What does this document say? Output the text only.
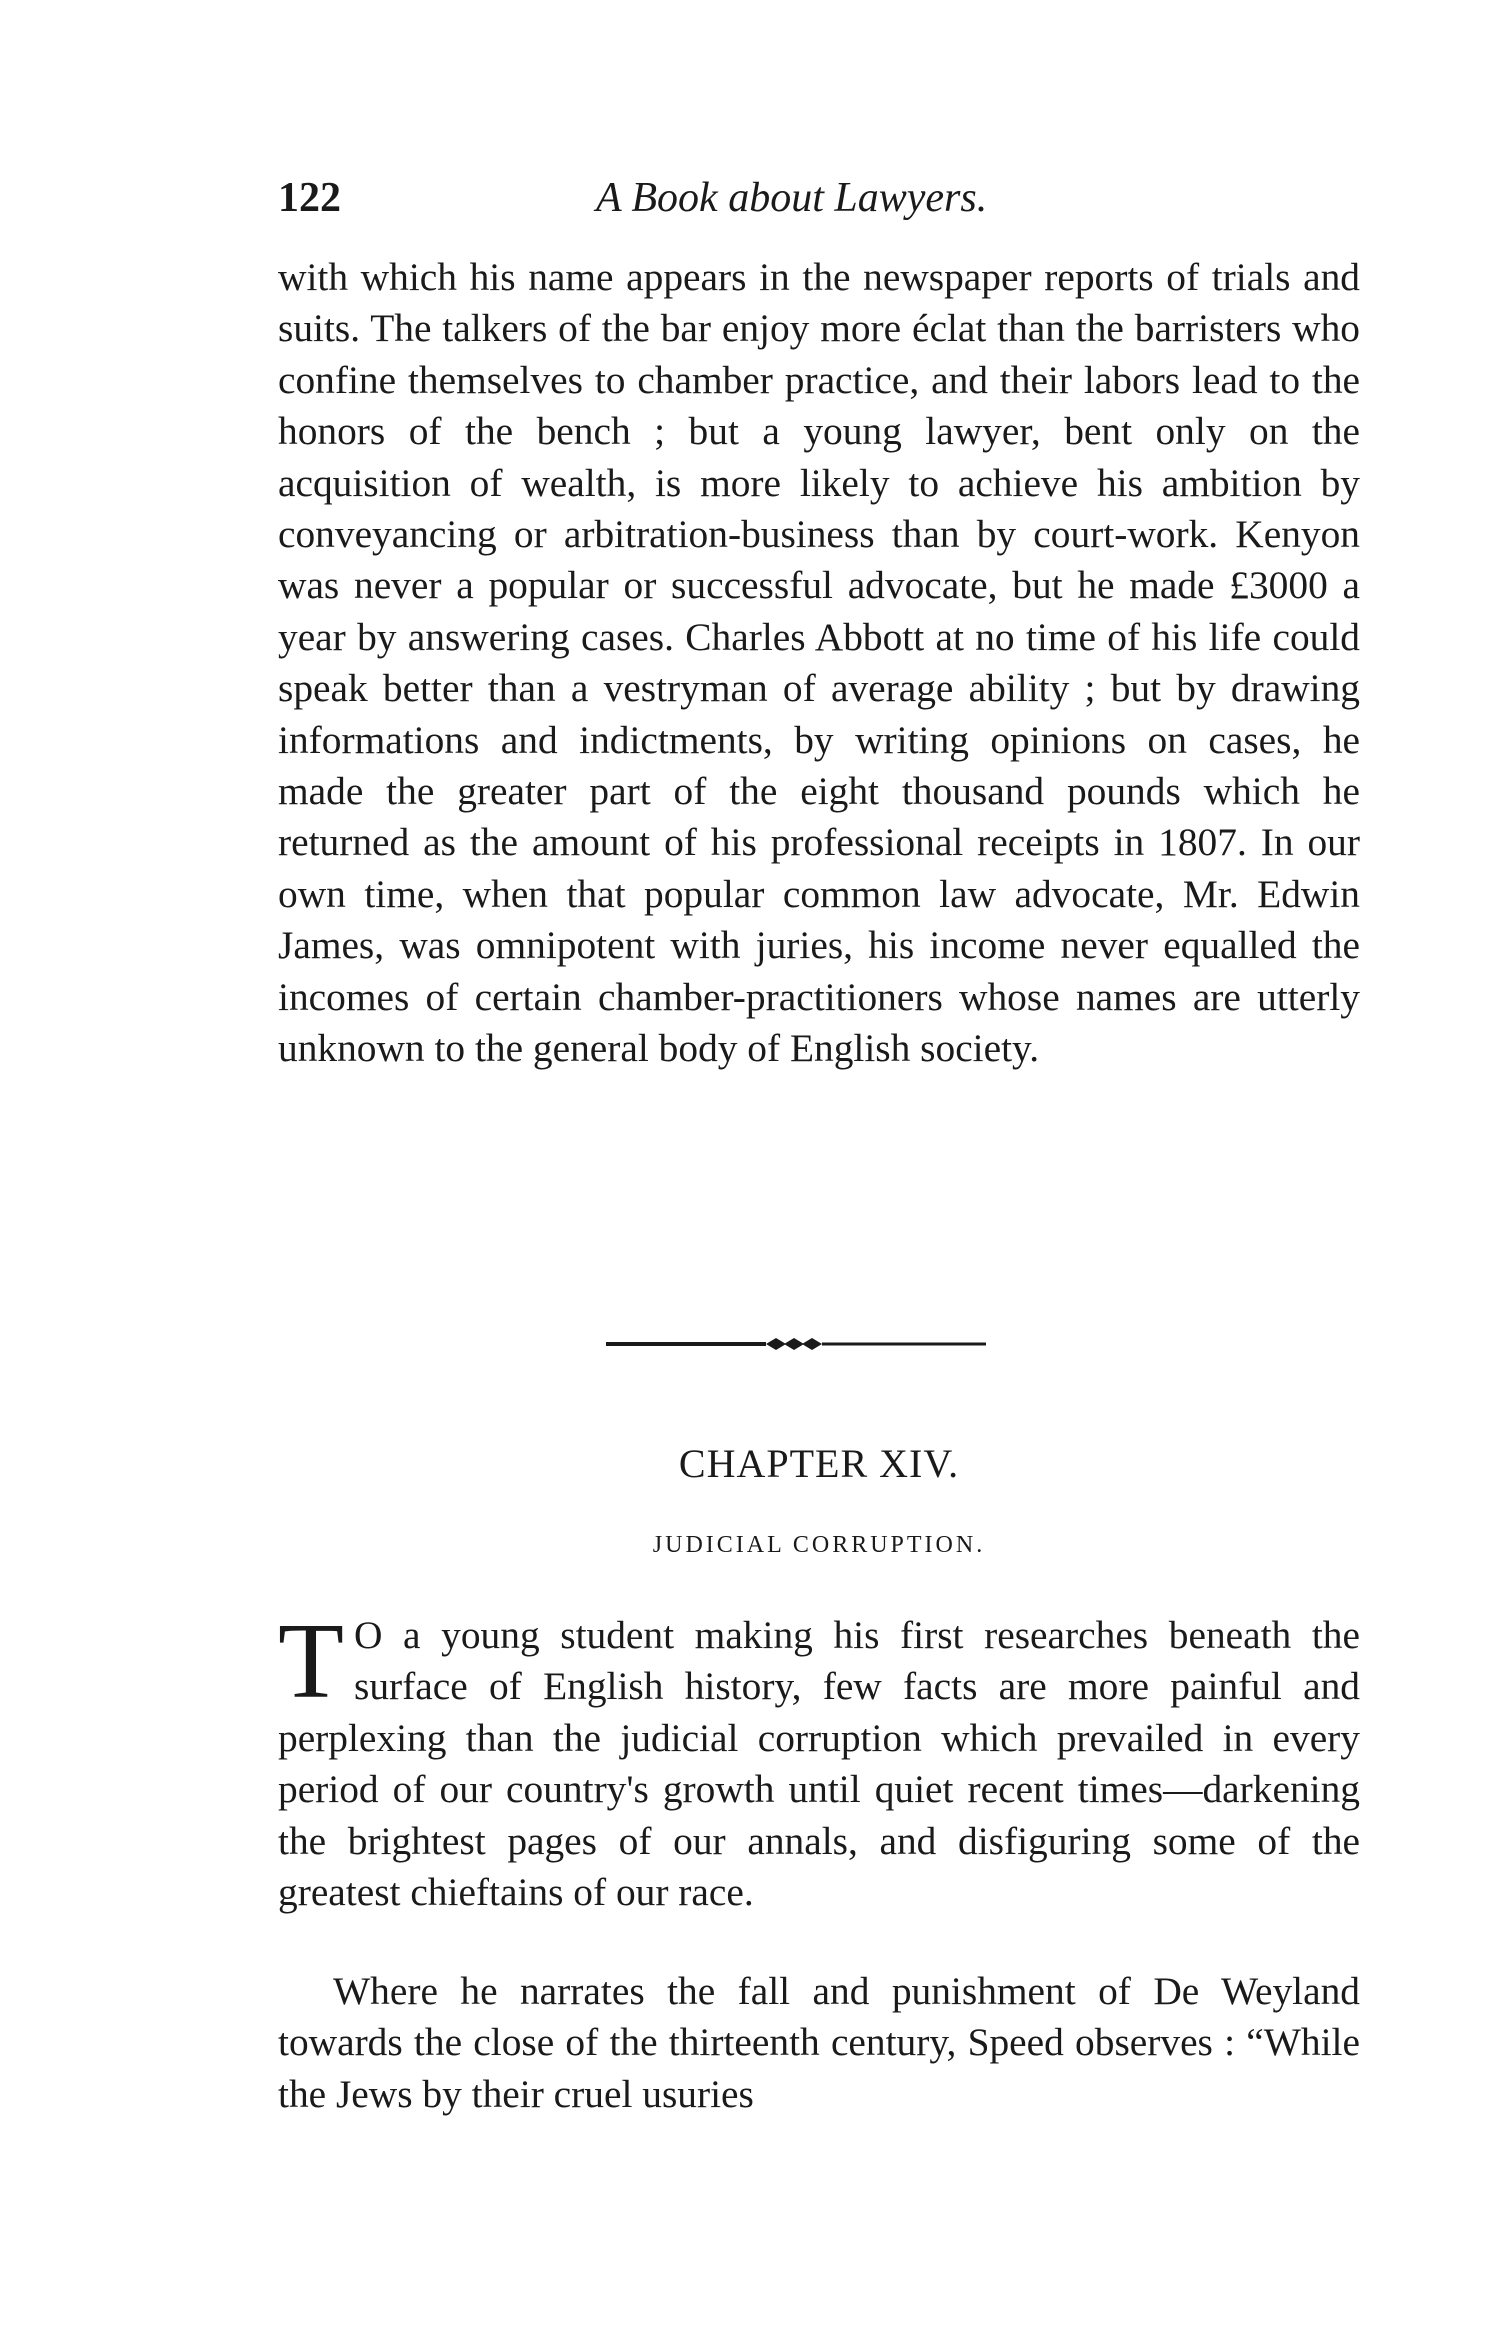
122	A Book about Lawyers.

with which his name appears in the newspaper reports of trials and suits. The talkers of the bar enjoy more éclat than the barristers who confine themselves to chamber practice, and their labors lead to the honors of the bench ; but a young lawyer, bent only on the acquisition of wealth, is more likely to achieve his ambition by conveyancing or arbitration-business than by court-work. Kenyon was never a popular or successful advocate, but he made £3000 a year by answering cases. Charles Abbott at no time of his life could speak better than a vestryman of average ability ; but by drawing informations and indictments, by writing opinions on cases, he made the greater part of the eight thousand pounds which he returned as the amount of his professional receipts in 1807. In our own time, when that popular common law advocate, Mr. Edwin James, was omnipotent with juries, his income never equalled the incomes of certain chamber-practitioners whose names are utterly unknown to the general body of English society.

CHAPTER XIV.
JUDICIAL CORRUPTION.

T O a young student making his first researches beneath the surface of English history, few facts are more painful and perplexing than the judicial corruption which prevailed in every period of our country's growth until quiet recent times—darkening the brightest pages of our annals, and disfiguring some of the greatest chieftains of our race.

Where he narrates the fall and punishment of De Weyland towards the close of the thirteenth century, Speed observes : “While the Jews by their cruel usuries
